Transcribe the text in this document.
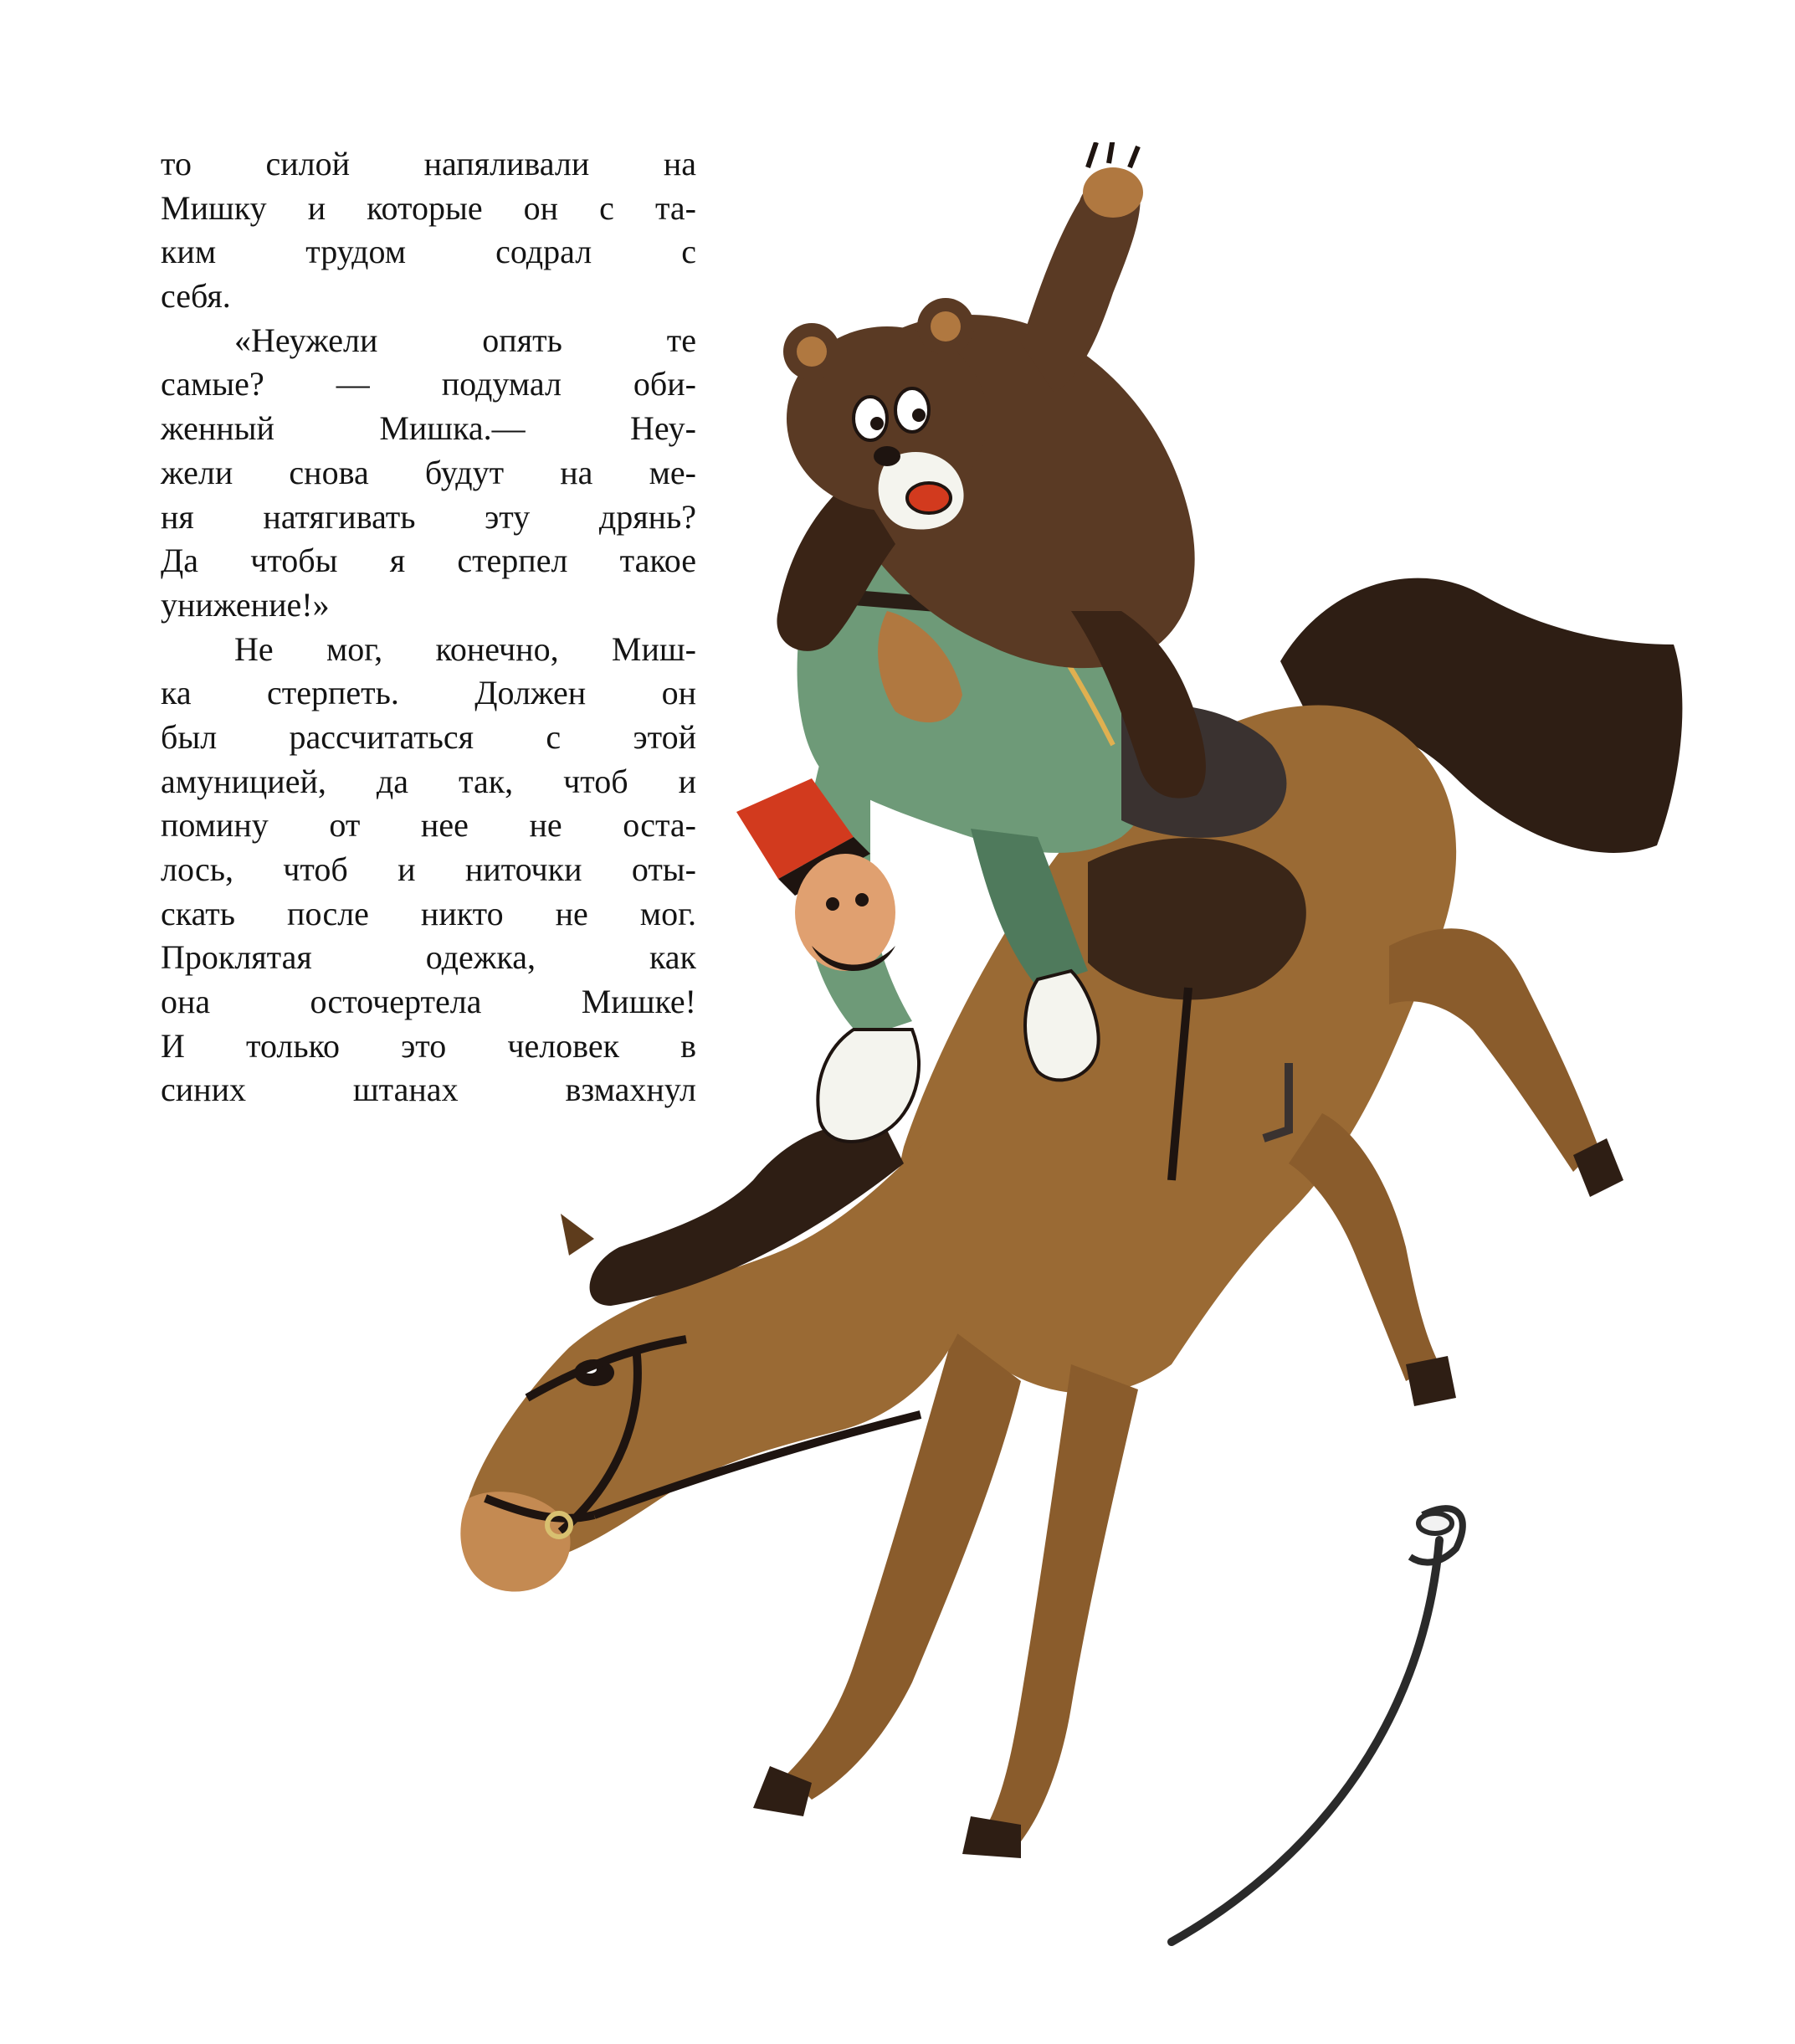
то силой напяливали на
Мишку и которые он с та-
ким трудом содрал с
себя.
«Неужели опять те
самые? — подумал оби-
женный Мишка.— Неу-
жели снова будут на ме-
ня натягивать эту дрянь?
Да чтобы я стерпел такое
унижение!»
Не мог, конечно, Миш-
ка стерпеть. Должен он
был рассчитаться с этой
амуницией, да так, чтоб и
помину от нее не оста-
лось, чтоб и ниточки оты-
скать после никто не мог.
Проклятая одежка, как
она осточертела Мишке!
И только это человек в
синих штанах взмахнул
